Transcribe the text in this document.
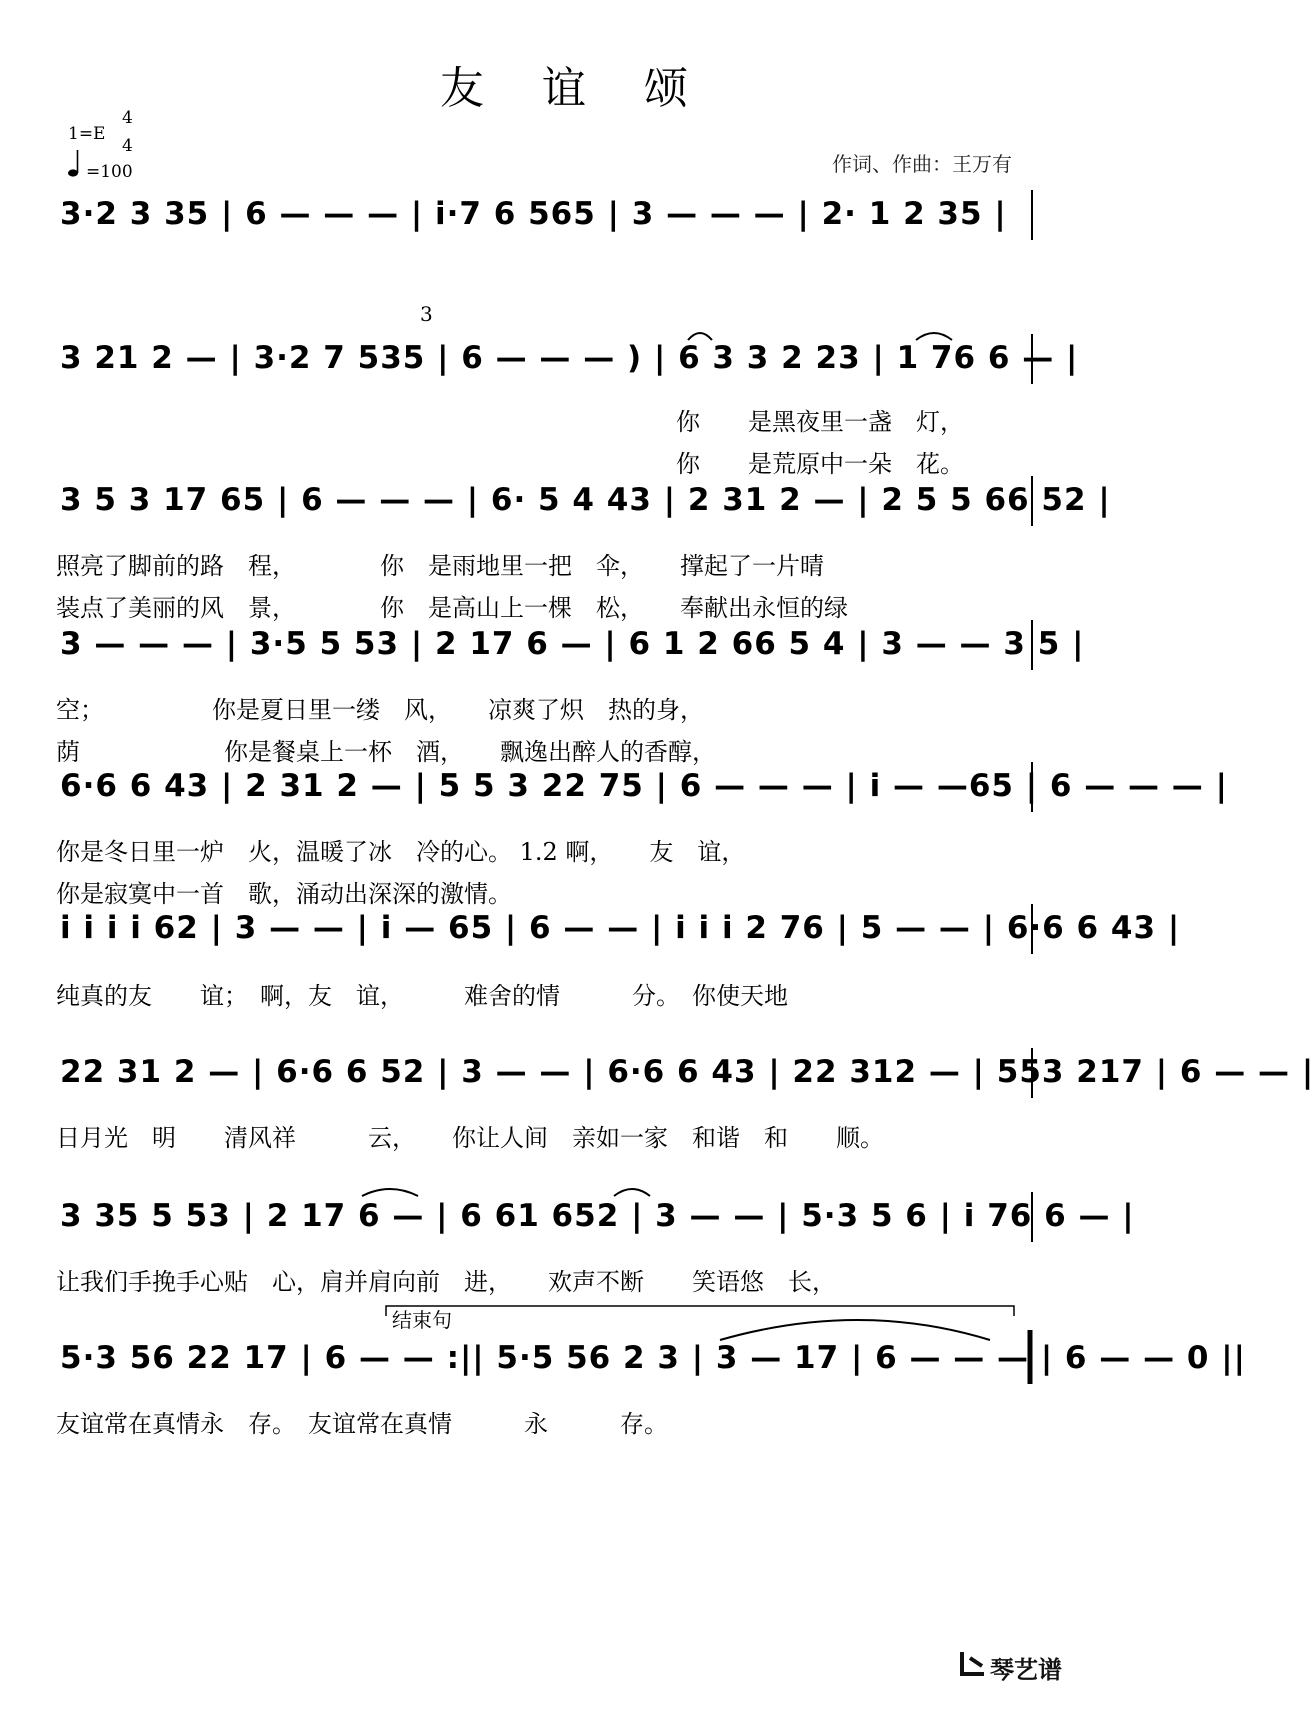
友 谊 颂
1=E
4
4
=100	作词、作曲：王万有
3·2 3 35 | 6 — — — | i·7 6 565 | 3 — — — | 2· 1 2 35 |
3
3 21 2 — | 3·2 7 535 | 6 — — — ) | 6 3 3 2 23 | 1 76 6 — |
你　　是黑夜里一盏　灯，
你　　是荒原中一朵　花。
3 5 3 17 65 | 6 — — — | 6· 5 4 43 | 2 31 2 — | 2 5 5 66 52 |
照亮了脚前的路　程，　　　　你　是雨地里一把　伞，　　撑起了一片晴
装点了美丽的风　景，　　　　你　是高山上一棵　松，　　奉献出永恒的绿
3 — — — | 3·5 5 53 | 2 17 6 — | 6 1 2 66 5 4 | 3 — — 3 5 |
空；　　　　　你是夏日里一缕　风，　　凉爽了炽　热的身，
荫　　　　　　你是餐桌上一杯　酒，　　飘逸出醉人的香醇，
6·6 6 43 | 2 31 2 — | 5 5 3 22 75 | 6 — — — | i — —65 | 6 — — — |
你是冬日里一炉　火，温暖了冰　冷的心。 1.2 啊，　　友　谊，
你是寂寞中一首　歌，涌动出深深的激情。
i i i i 62 | 3 — — | i — 65 | 6 — — | i i i 2 76 | 5 — — | 6·6 6 43 |
纯真的友　　谊；　啊，友　谊，　　　难舍的情　　　分。　你使天地
22 31 2 — | 6·6 6 52 | 3 — — | 6·6 6 43 | 22 312 — | 553 217 | 6 — — |
日月光　明　　清风祥　　　云，　　你让人间　亲如一家　和谐　和　　顺。
3 35 5 53 | 2 17 6 — | 6 61 652 | 3 — — | 5·3 5 6 | i 76 6 — |
让我们手挽手心贴　心，肩并肩向前　进，　　欢声不断　　笑语悠　长，
结束句
5·3 56 22 17 | 6 — — :|| 5·5 56 2 3 | 3 — 17 | 6 — — — | 6 — — 0 ||
友谊常在真情永　存。　友谊常在真情　　　永　　　存。
琴艺谱
